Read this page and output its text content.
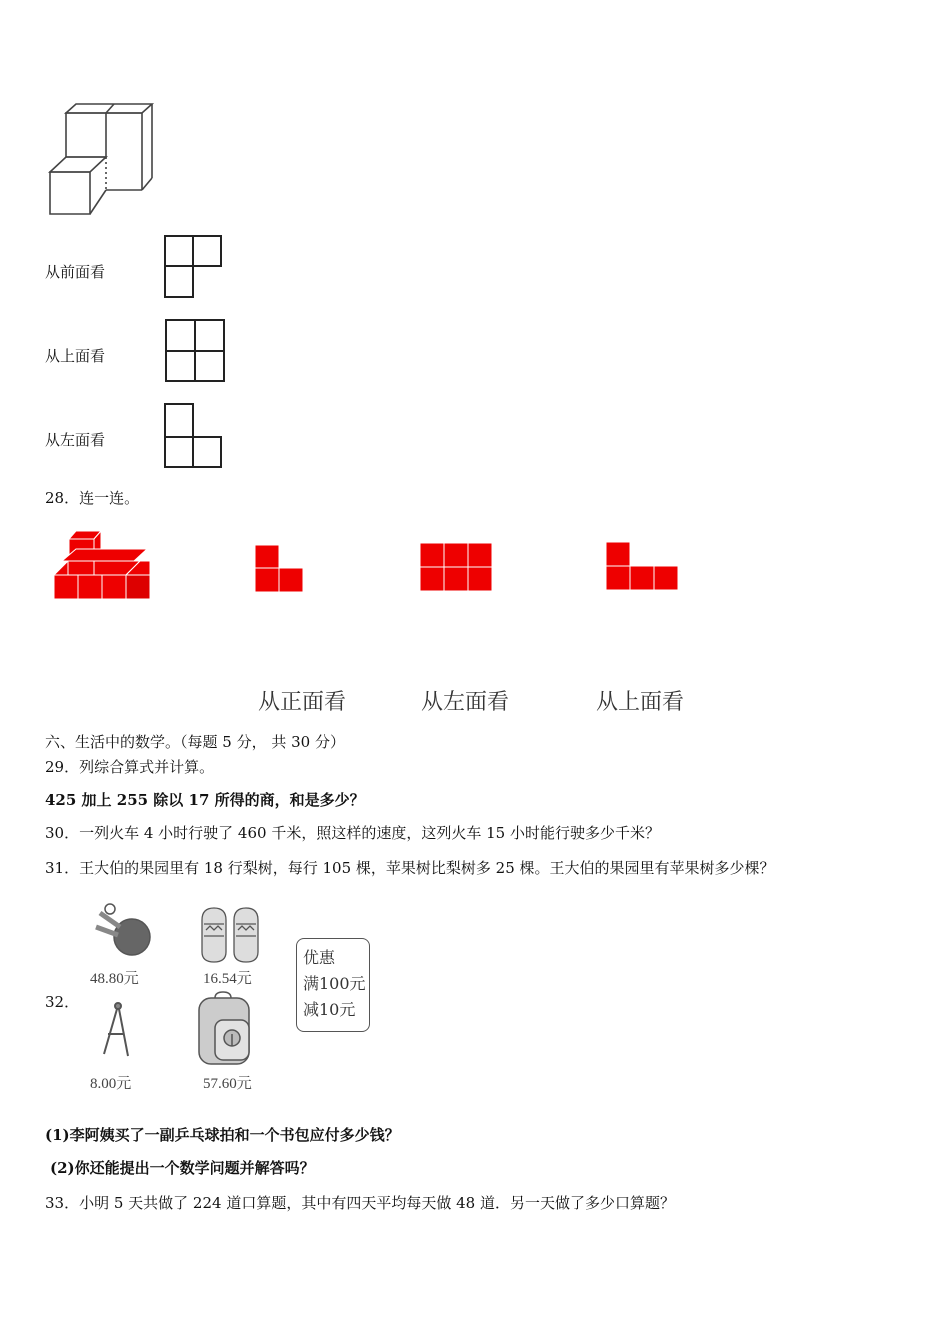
从前面看
从上面看
从左面看
28．连一连。
从正面看	从左面看	从上面看
六、生活中的数学。（每题 5 分， 共 30 分）
29．列综合算式并计算。
425 加上 255 除以 17 所得的商，和是多少？
30．一列火车 4 小时行驶了 460 千米，照这样的速度，这列火车 15 小时能行驶多少千米？
31．王大伯的果园里有 18 行梨树，每行 105 棵，苹果树比梨树多 25 棵。王大伯的果园里有苹果树多少棵？
32．
48.80元	16.54元
优惠
满100元
减10元
8.00元	57.60元
(1)李阿姨买了一副乒乓球拍和一个书包应付多少钱？
(2)你还能提出一个数学问题并解答吗？
33．小明 5 天共做了 224 道口算题，其中有四天平均每天做 48 道．另一天做了多少口算题？
